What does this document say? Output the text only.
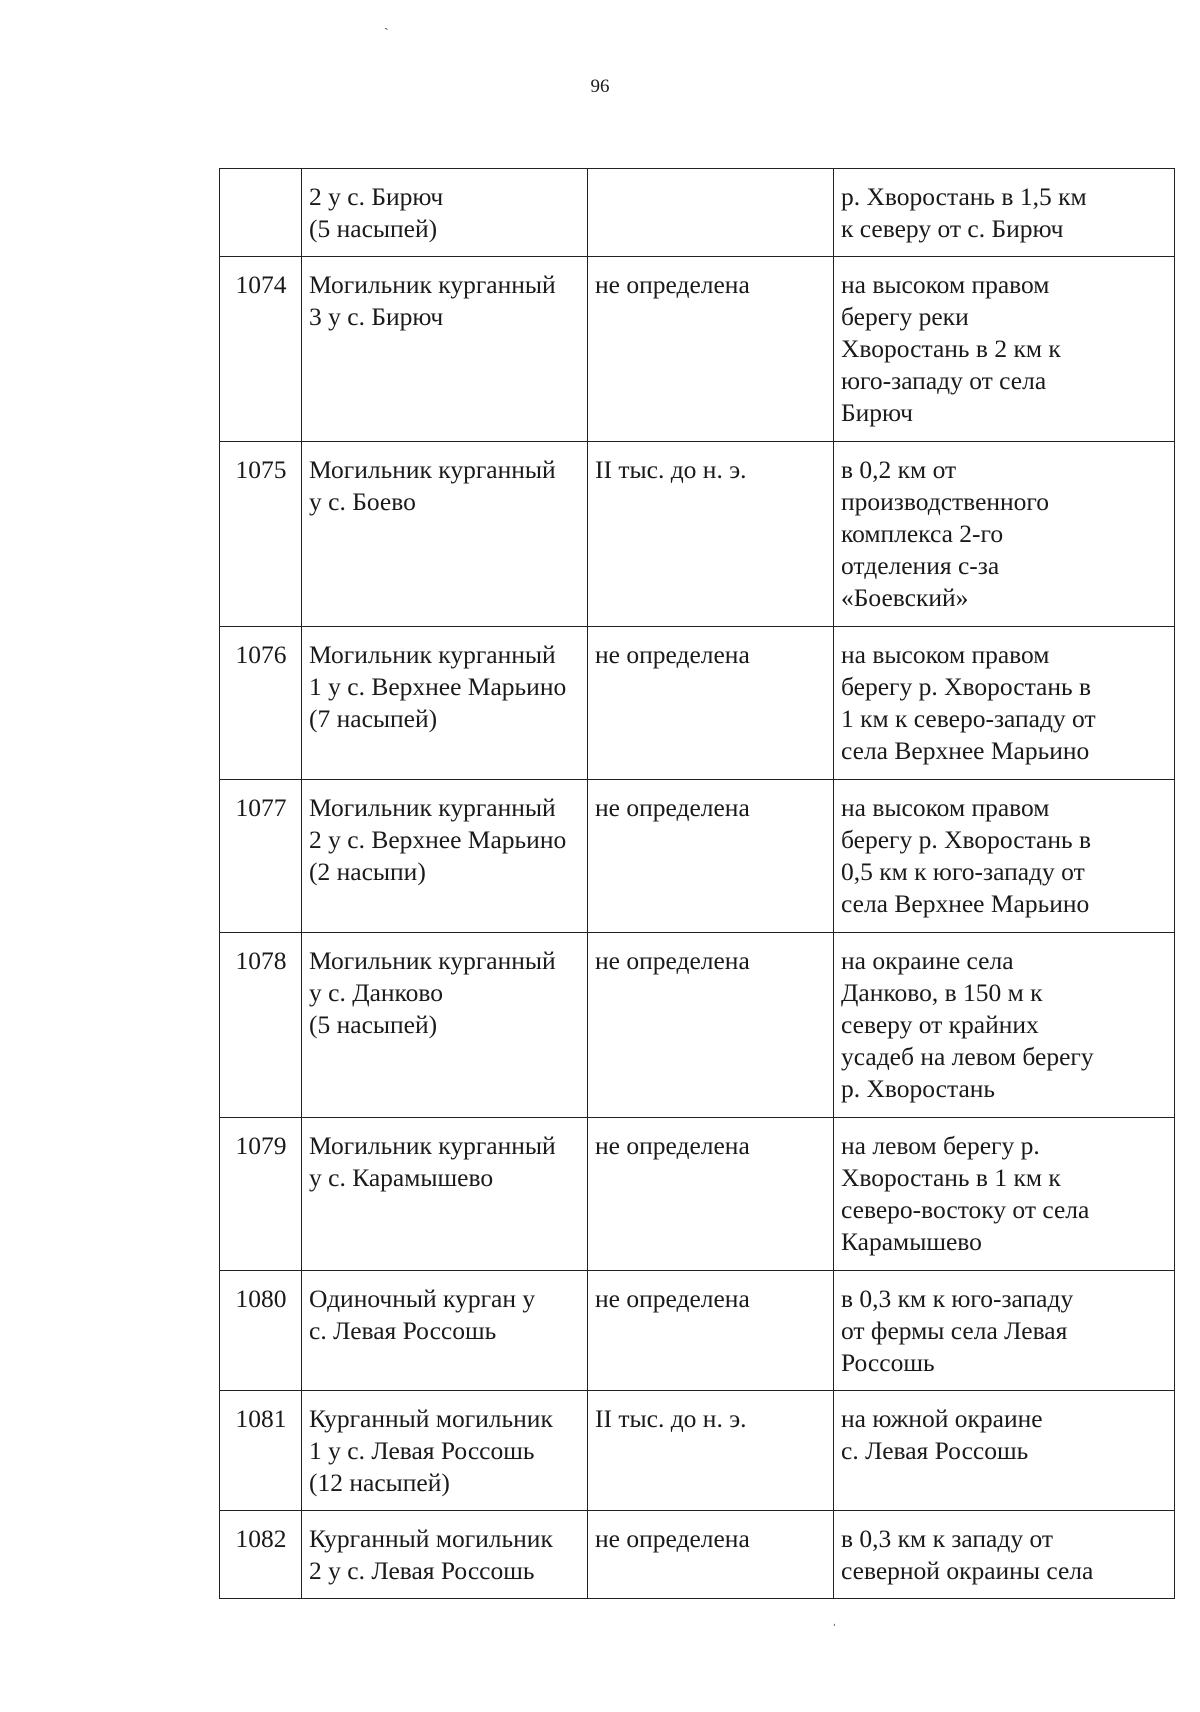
96
ˏ
	2 у с. Бирюч
(5 насыпей)		р. Хворостань в 1,5 км
к северу от с. Бирюч
1074	Могильник курганный
3 у с. Бирюч	не определена	на высоком правом
берегу реки
Хворостань в 2 км к
юго-западу от села
Бирюч
1075	Могильник курганный
у с. Боево	II тыс. до н. э.	в 0,2 км от
производственного
комплекса 2-го
отделения с-за
«Боевский»
1076	Могильник курганный
1 у с. Верхнее Марьино
(7 насыпей)	не определена	на высоком правом
берегу р. Хворостань в
1 км к северо-западу от
села Верхнее Марьино
1077	Могильник курганный
2 у с. Верхнее Марьино
(2 насыпи)	не определена	на высоком правом
берегу р. Хворостань в
0,5 км к юго-западу от
села Верхнее Марьино
1078	Могильник курганный
у с. Данково
(5 насыпей)	не определена	на окраине села
Данково, в 150 м к
северу от крайних
усадеб на левом берегу
р. Хворостань
1079	Могильник курганный
у с. Карамышево	не определена	на левом берегу р.
Хворостань в 1 км к
северо-востоку от села
Карамышево
1080	Одиночный курган у
с. Левая Россошь	не определена	в 0,3 км к юго-западу
от фермы села Левая
Россошь
1081	Курганный могильник
1 у с. Левая Россошь
(12 насыпей)	II тыс. до н. э.	на южной окраине
с. Левая Россошь
1082	Курганный могильник
2 у с. Левая Россошь	не определена	в 0,3 км к западу от
северной окраины села
ˌ
